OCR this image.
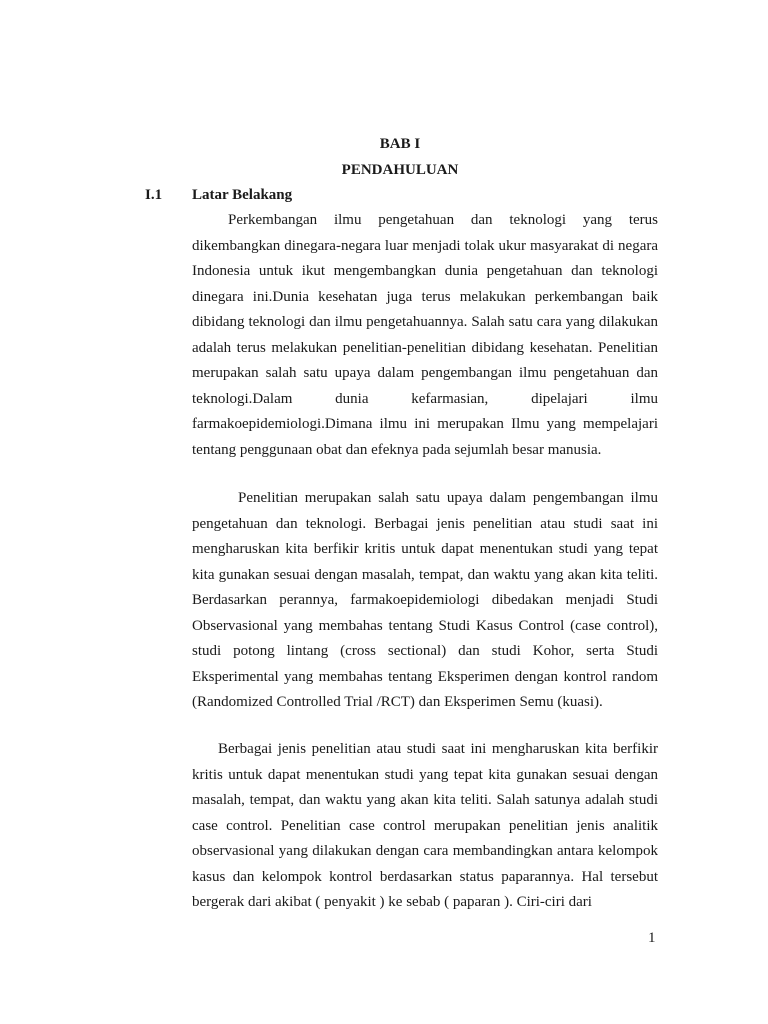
BAB I
PENDAHULUAN
I.1 Latar Belakang

Perkembangan ilmu pengetahuan dan teknologi yang terus dikembangkan dinegara-negara luar menjadi tolak ukur masyarakat di negara Indonesia untuk ikut mengembangkan dunia pengetahuan dan teknologi dinegara ini.Dunia kesehatan juga terus melakukan perkembangan baik dibidang teknologi dan ilmu pengetahuannya. Salah satu cara yang dilakukan adalah terus melakukan penelitian-penelitian dibidang kesehatan. Penelitian merupakan salah satu upaya dalam pengembangan ilmu pengetahuan dan teknologi.Dalam dunia kefarmasian, dipelajari ilmu farmakoepidemiologi.Dimana ilmu ini merupakan Ilmu yang mempelajari tentang penggunaan obat dan efeknya pada sejumlah besar manusia.

Penelitian merupakan salah satu upaya dalam pengembangan ilmu pengetahuan dan teknologi. Berbagai jenis penelitian atau studi saat ini mengharuskan kita berfikir kritis untuk dapat menentukan studi yang tepat kita gunakan sesuai dengan masalah, tempat, dan waktu yang akan kita teliti. Berdasarkan perannya, farmakoepidemiologi dibedakan menjadi Studi Observasional yang membahas tentang Studi Kasus Control (case control), studi potong lintang (cross sectional) dan studi Kohor, serta Studi Eksperimental yang membahas tentang Eksperimen dengan kontrol random (Randomized Controlled Trial /RCT) dan Eksperimen Semu (kuasi).

Berbagai jenis penelitian atau studi saat ini mengharuskan kita berfikir kritis untuk dapat menentukan studi yang tepat kita gunakan sesuai dengan masalah, tempat, dan waktu yang akan kita teliti. Salah satunya adalah studi case control. Penelitian case control merupakan penelitian jenis analitik observasional yang dilakukan dengan cara membandingkan antara kelompok kasus dan kelompok kontrol berdasarkan status paparannya. Hal tersebut bergerak dari akibat ( penyakit ) ke sebab ( paparan ). Ciri-ciri dari

1
